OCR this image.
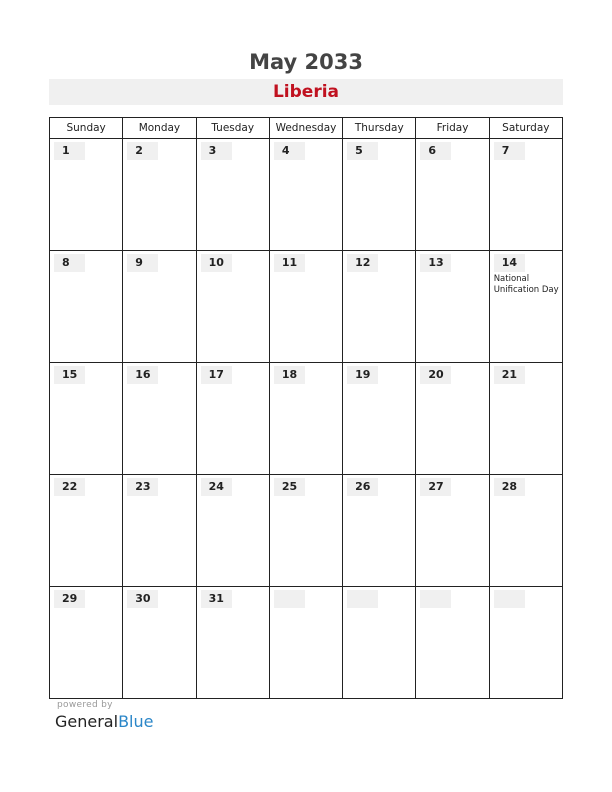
May 2033
Liberia
Sunday	Monday	Tuesday	Wednesday	Thursday	Friday	Saturday

1	2	3	4	5	6	7

8	9	10	11	12	13	14
National Unification Day

15	16	17	18	19	20	21

22	23	24	25	26	27	28

29	30	31				

powered by
GeneralBlue
